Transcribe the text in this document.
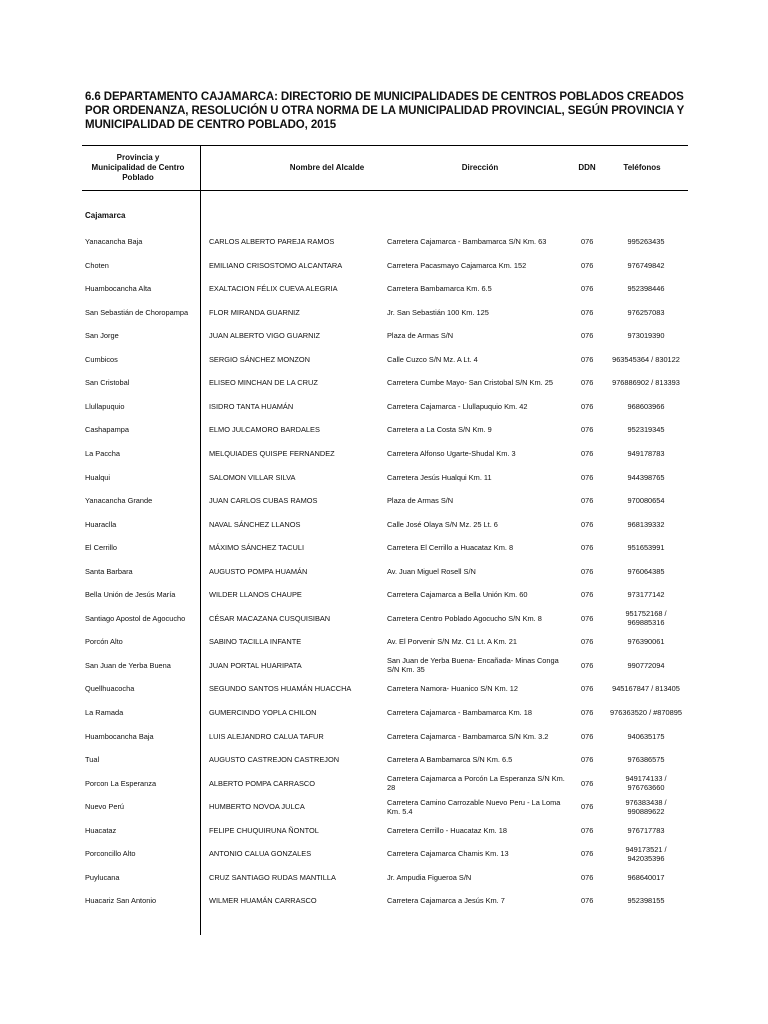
6.6 DEPARTAMENTO CAJAMARCA: DIRECTORIO DE MUNICIPALIDADES DE CENTROS POBLADOS CREADOS POR ORDENANZA, RESOLUCIÓN U OTRA NORMA DE LA MUNICIPALIDAD PROVINCIAL, SEGÚN PROVINCIA Y MUNICIPALIDAD DE CENTRO POBLADO, 2015
Provincia y Municipalidad de Centro Poblado
Nombre del Alcalde	Dirección	DDN	Teléfonos
Cajamarca
Yanacancha Baja	CARLOS ALBERTO PAREJA RAMOS	Carretera Cajamarca - Bambamarca S/N Km. 63	076	995263435
Choten	EMILIANO CRISOSTOMO ALCANTARA	Carretera Pacasmayo Cajamarca Km. 152	076	976749842
Huambocancha Alta	EXALTACION FÉLIX CUEVA ALEGRIA	Carretera Bambamarca Km. 6.5	076	952398446
San Sebastián de Choropampa	FLOR MIRANDA GUARNIZ	Jr. San Sebastián 100 Km. 125	076	976257083
San Jorge	JUAN ALBERTO VIGO GUARNIZ	Plaza de Armas S/N	076	973019390
Cumbicos	SERGIO SÁNCHEZ MONZON	Calle Cuzco S/N Mz. A Lt. 4	076	963545364 / 830122
San Cristobal	ELISEO MINCHAN DE LA CRUZ	Carretera Cumbe Mayo- San Cristobal S/N Km. 25	076	976886902 / 813393
Llullapuquio	ISIDRO TANTA HUAMÁN	Carretera Cajamarca - Llullapuquio Km. 42	076	968603966
Cashapampa	ELMO JULCAMORO BARDALES	Carretera a La Costa S/N Km. 9	076	952319345
La Paccha	MELQUIADES QUISPE FERNANDEZ	Carretera Alfonso Ugarte-Shudal Km. 3	076	949178783
Hualqui	SALOMON VILLAR SILVA	Carretera Jesús Hualqui Km. 11	076	944398765
Yanacancha Grande	JUAN CARLOS CUBAS RAMOS	Plaza de Armas S/N	076	970080654
Huaraclla	NAVAL SÁNCHEZ LLANOS	Calle José Olaya S/N Mz. 25 Lt. 6	076	968139332
El Cerrillo	MÁXIMO SÁNCHEZ TACULI	Carretera El Cerrillo a Huacataz Km. 8	076	951653991
Santa Barbara	AUGUSTO POMPA HUAMÁN	Av. Juan Miguel Rosell S/N	076	976064385
Bella Unión de Jesús María	WILDER LLANOS CHAUPE	Carretera Cajamarca a Bella Unión Km. 60	076	973177142
Santiago Apostol de Agocucho	CÉSAR MACAZANA CUSQUISIBAN	Carretera Centro Poblado Agocucho S/N Km. 8	076	951752168 / 969885316
Porcón Alto	SABINO TACILLA INFANTE	Av. El Porvenir S/N Mz. C1 Lt. A Km. 21	076	976390061
San Juan de Yerba Buena	JUAN PORTAL HUARIPATA	San Juan de Yerba Buena- Encañada- Minas Conga S/N Km. 35	076	990772094
Quellhuacocha	SEGUNDO SANTOS HUAMÁN HUACCHA	Carretera Namora- Huanico S/N Km. 12	076	945167847 / 813405
La Ramada	GUMERCINDO YOPLA CHILON	Carretera Cajamarca - Bambamarca Km. 18	076	976363520 / #870895
Huambocancha Baja	LUIS ALEJANDRO CALUA TAFUR	Carretera Cajamarca - Bambamarca S/N Km. 3.2	076	940635175
Tual	AUGUSTO CASTREJON CASTREJON	Carretera A Bambamarca S/N Km. 6.5	076	976386575
Porcon La Esperanza	ALBERTO POMPA CARRASCO	Carretera Cajamarca a Porcón La Esperanza S/N Km. 28	076	949174133 / 976763660
Nuevo Perú	HUMBERTO NOVOA JULCA	Carretera Camino Carrozable Nuevo Peru - La Loma Km. 5.4	076	976383438 / 990889622
Huacataz	FELIPE CHUQUIRUNA ÑONTOL	Carretera Cerrillo - Huacataz Km. 18	076	976717783
Porconcillo Alto	ANTONIO CALUA GONZALES	Carretera Cajamarca Chamis Km. 13	076	949173521 / 942035396
Puylucana	CRUZ SANTIAGO RUDAS MANTILLA	Jr. Ampudia Figueroa S/N	076	968640017
Huacariz San Antonio	WILMER HUAMÁN CARRASCO	Carretera Cajamarca a Jesús Km. 7	076	952398155
